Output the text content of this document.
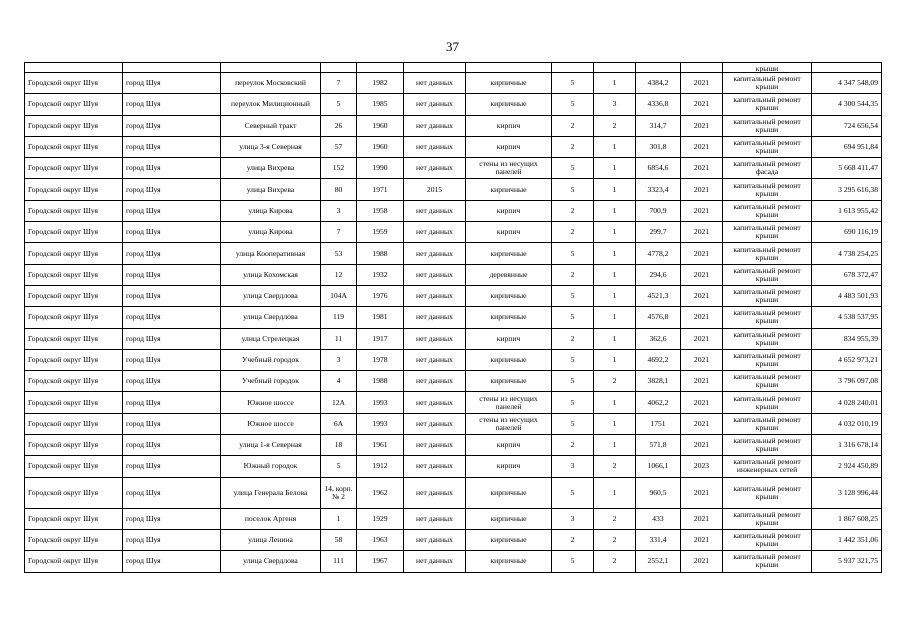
37

											крыши	

Городской округ Шуя	город Шуя	переулок Московский	7	1982	нет данных	кирпичные	5	1	4384,2	2021	капитальный ремонт крыши	4 347 548,09
Городской округ Шуя	город Шуя	переулок Милиционный	5	1985	нет данных	кирпичные	5	3	4336,8	2021	капитальный ремонт крыши	4 300 544,35
Городской округ Шуя	город Шуя	Северный тракт	26	1960	нет данных	кирпич	2	2	314,7	2021	капитальный ремонт крыши	724 656,54
Городской округ Шуя	город Шуя	улица 3-я Северная	57	1960	нет данных	кирпич	2	1	301,8	2021	капитальный ремонт крыши	694 951,84
Городской округ Шуя	город Шуя	улица Вихрева	152	1990	нет данных	стены из несущих панелей	5	1	6854,6	2021	капитальный ремонт фасада	5 668 411,47
Городской округ Шуя	город Шуя	улица Вихрева	80	1971	2015	кирпичные	5	1	3323,4	2021	капитальный ремонт крыши	3 295 616,38
Городской округ Шуя	город Шуя	улица Кирова	3	1958	нет данных	кирпич	2	1	700,9	2021	капитальный ремонт крыши	1 613 955,42
Городской округ Шуя	город Шуя	улица Кирова	7	1959	нет данных	кирпич	2	1	299,7	2021	капитальный ремонт крыши	690 116,19
Городской округ Шуя	город Шуя	улица Кооперативная	53	1988	нет данных	кирпичные	5	1	4778,2	2021	капитальный ремонт крыши	4 738 254,25
Городской округ Шуя	город Шуя	улица Кохомская	12	1932	нет данных	деревянные	2	1	294,6	2021	капитальный ремонт крыши	678 372,47
Городской округ Шуя	город Шуя	улица Свердлова	104А	1976	нет данных	кирпичные	5	1	4521,3	2021	капитальный ремонт крыши	4 483 501,93
Городской округ Шуя	город Шуя	улица Свердлова	119	1981	нет данных	кирпичные	5	1	4576,8	2021	капитальный ремонт крыши	4 538 537,95
Городской округ Шуя	город Шуя	улица Стрелецкая	11	1917	нет данных	кирпич	2	1	362,6	2021	капитальный ремонт крыши	834 955,39
Городской округ Шуя	город Шуя	Учебный городок	3	1978	нет данных	кирпичные	5	1	4692,2	2021	капитальный ремонт крыши	4 652 973,21
Городской округ Шуя	город Шуя	Учебный городок	4	1988	нет данных	кирпичные	5	2	3828,1	2021	капитальный ремонт крыши	3 796 097,08
Городской округ Шуя	город Шуя	Южное шоссе	12А	1993	нет данных	стены из несущих панелей	5	1	4062,2	2021	капитальный ремонт крыши	4 028 240,01
Городской округ Шуя	город Шуя	Южное шоссе	6А	1993	нет данных	стены из несущих панелей	5	1	1751	2021	капитальный ремонт крыши	4 032 010,19
Городской округ Шуя	город Шуя	улица 1-я Северная	18	1961	нет данных	кирпич	2	1	571,8	2021	капитальный ремонт крыши	1 316 678,14
Городской округ Шуя	город Шуя	Южный городок	5	1912	нет данных	кирпич	3	2	1066,1	2023	капитальный ремонт инженерных сетей	2 924 450,89
Городской округ Шуя	город Шуя	улица Генерала Белова	14, корп. № 2	1962	нет данных	кирпичные	5	1	960,5	2021	капитальный ремонт крыши	3 128 996,44
Городской округ Шуя	город Шуя	поселок Аргеня	1	1929	нет данных	кирпичные	3	2	433	2021	капитальный ремонт крыши	1 867 608,25
Городской округ Шуя	город Шуя	улица Ленина	58	1963	нет данных	кирпичные	2	2	331,4	2021	капитальный ремонт крыши	1 442 351,06
Городской округ Шуя	город Шуя	улица Свердлова	111	1967	нет данных	кирпичные	5	2	2552,1	2021	капитальный ремонт крыши	5 937 321,75
